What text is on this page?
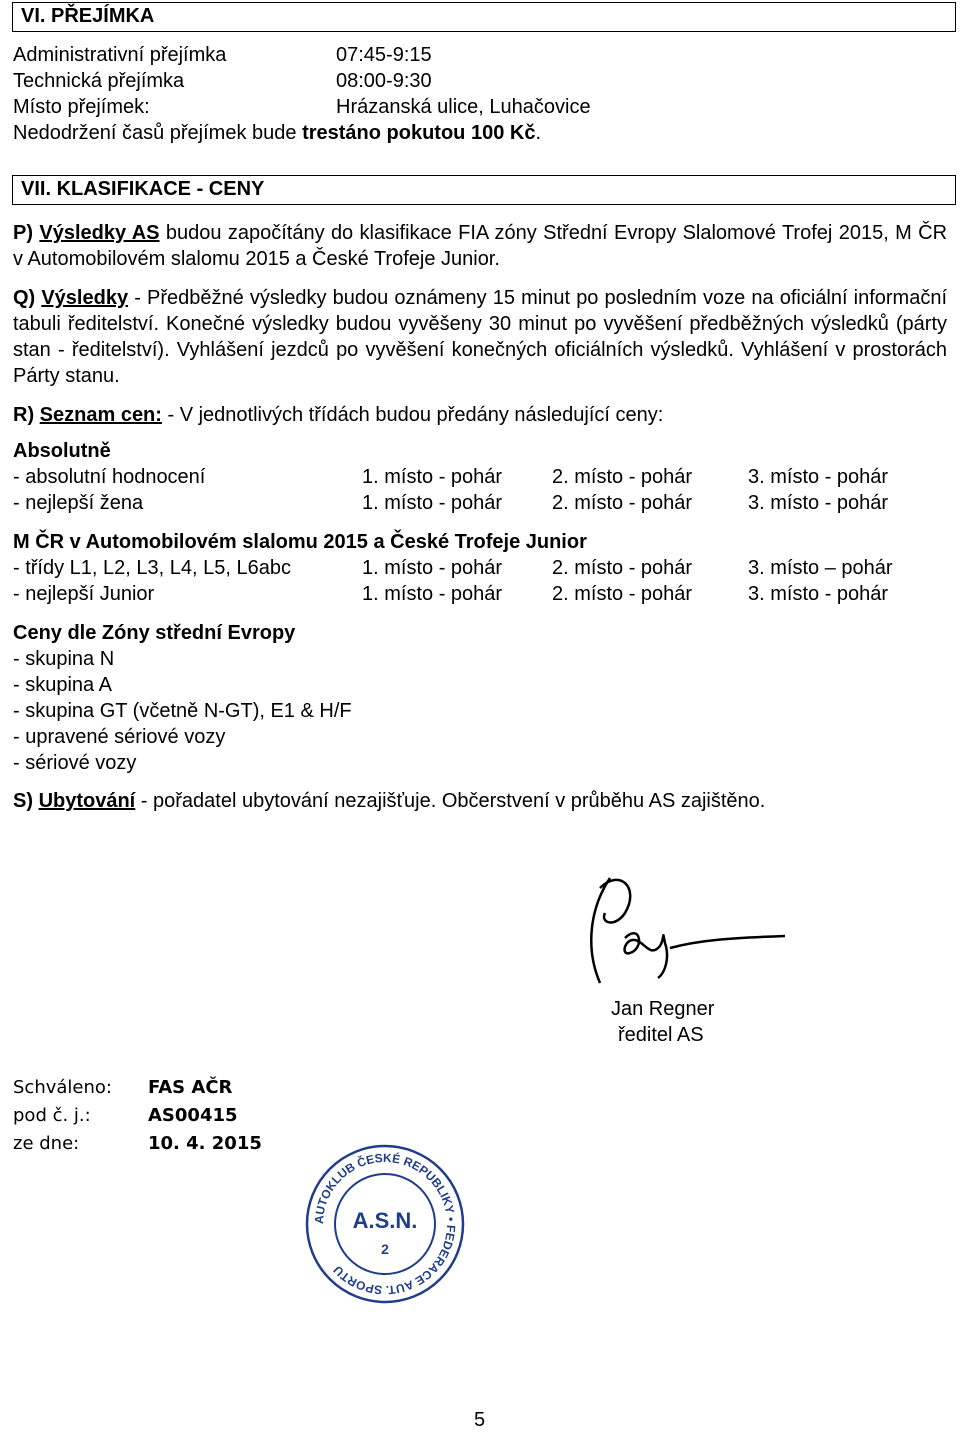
VI. PŘEJÍMKA
Administrativní přejímka	07:45-9:15
Technická přejímka	08:00-9:30
Místo přejímek:	Hrázanská ulice, Luhačovice
Nedodržení časů přejímek bude trestáno pokutou 100 Kč.
VII. KLASIFIKACE - CENY
P) Výsledky AS budou započítány do klasifikace FIA zóny Střední Evropy Slalomové Trofej 2015, M ČR v Automobilovém slalomu 2015 a České Trofeje Junior.
Q) Výsledky - Předběžné výsledky budou oznámeny 15 minut po posledním voze na oficiální informační tabuli ředitelství. Konečné výsledky budou vyvěšeny 30 minut po vyvěšení předběžných výsledků (párty stan - ředitelství). Vyhlášení jezdců po vyvěšení konečných oficiálních výsledků. Vyhlášení v prostorách Párty stanu.
R) Seznam cen: - V jednotlivých třídách budou předány následující ceny:
Absolutně
- absolutní hodnocení	1. místo - pohár 2. místo - pohár	3. místo - pohár
- nejlepší žena	1. místo - pohár 2. místo - pohár	3. místo - pohár
M ČR v Automobilovém slalomu 2015 a České Trofeje Junior
- třídy L1, L2, L3, L4, L5, L6abc	1. místo - pohár 2. místo - pohár	3. místo – pohár
- nejlepší Junior	1. místo - pohár 2. místo - pohár	3. místo - pohár
Ceny dle Zóny střední Evropy
- skupina N
- skupina A
- skupina GT (včetně N-GT), E1 & H/F
- upravené sériové vozy
- sériové vozy
S) Ubytování - pořadatel ubytování nezajišťuje. Občerstvení v průběhu AS zajištěno.
Jan Regner
ředitel AS
Schváleno: FAS AČR
pod č. j.:	AS00415
ze dne:	10. 4. 2015
AUTOKLUB ČESKÉ REPUBLIKY • FEDERACE AUT. SPORTU
A.S.N.
2
5
